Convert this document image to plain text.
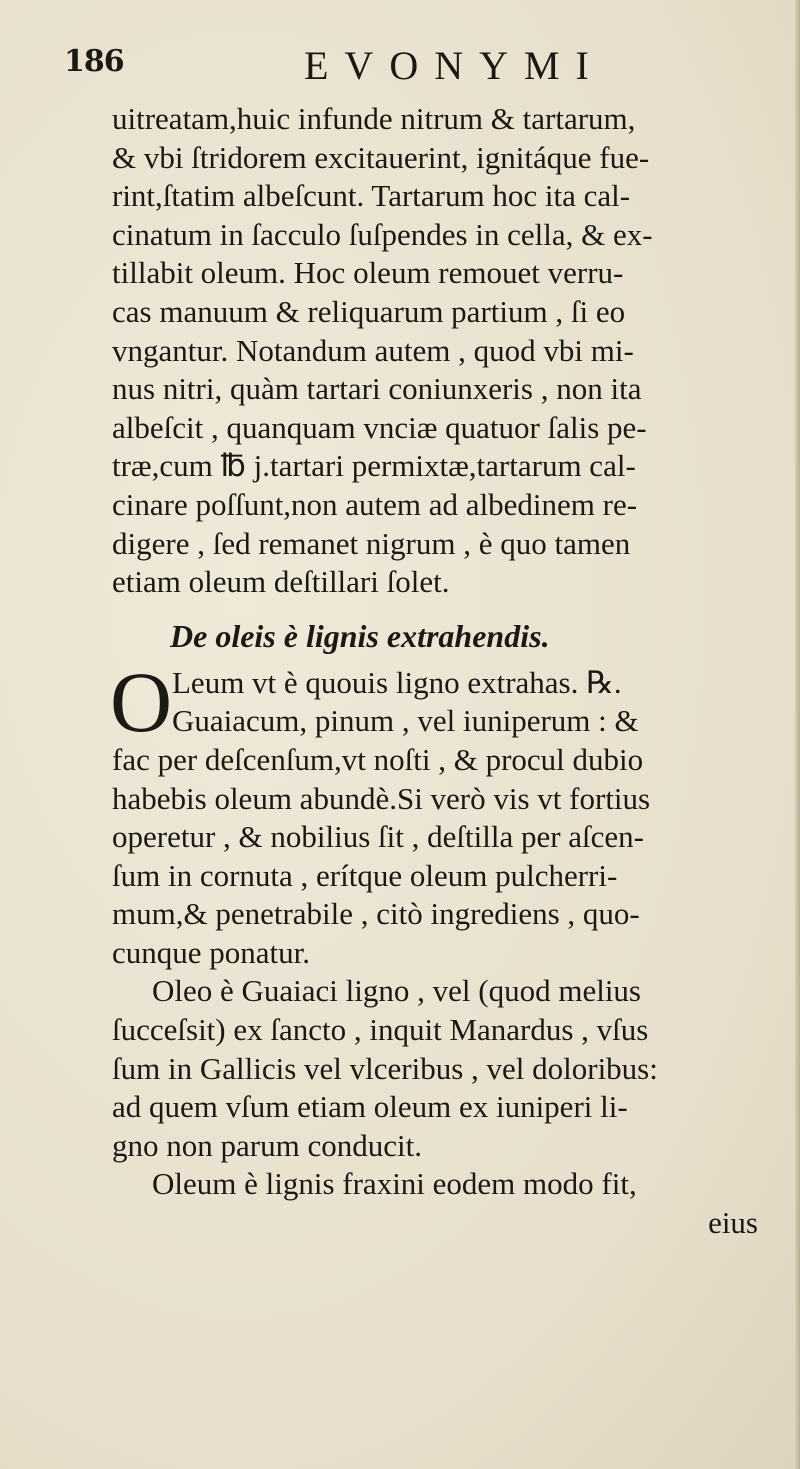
186	EVONYMI
uitreatam,huic infunde nitrum & tartarum,
& vbi ſtridorem excitauerint, ignitáque fue-
rint,ſtatim albeſcunt. Tartarum hoc ita cal-
cinatum in ſacculo ſuſpendes in cella, & ex-
tillabit oleum. Hoc oleum remouet verru-
cas manuum & reliquarum partium , ſi eo
vngantur. Notandum autem , quod vbi mi-
nus nitri, quàm tartari coniunxeris , non ita
albeſcit , quanquam vnciæ quatuor ſalis pe-
træ,cum ℔ j.tartari permixtæ,tartarum cal-
cinare poſſunt,non autem ad albedinem re-
digere , ſed remanet nigrum , è quo tamen
etiam oleum deſtillari ſolet.
De oleis è lignis extrahendis.
O Leum vt è quouis ligno extrahas. ℞.
Guaiacum, pinum , vel iuniperum : &
fac per deſcenſum,vt noſti , & procul dubio
habebis oleum abundè.Si verò vis vt fortius
operetur , & nobilius ſit , deſtilla per aſcen-
ſum in cornuta , erítque oleum pulcherri-
mum,& penetrabile , citò ingrediens , quo-
cunque ponatur.
Oleo è Guaiaci ligno , vel (quod melius
ſucceſsit) ex ſancto , inquit Manardus , vſus
ſum in Gallicis vel vlceribus , vel doloribus:
ad quem vſum etiam oleum ex iuniperi li-
gno non parum conducit.
Oleum è lignis fraxini eodem modo fit,
eius
